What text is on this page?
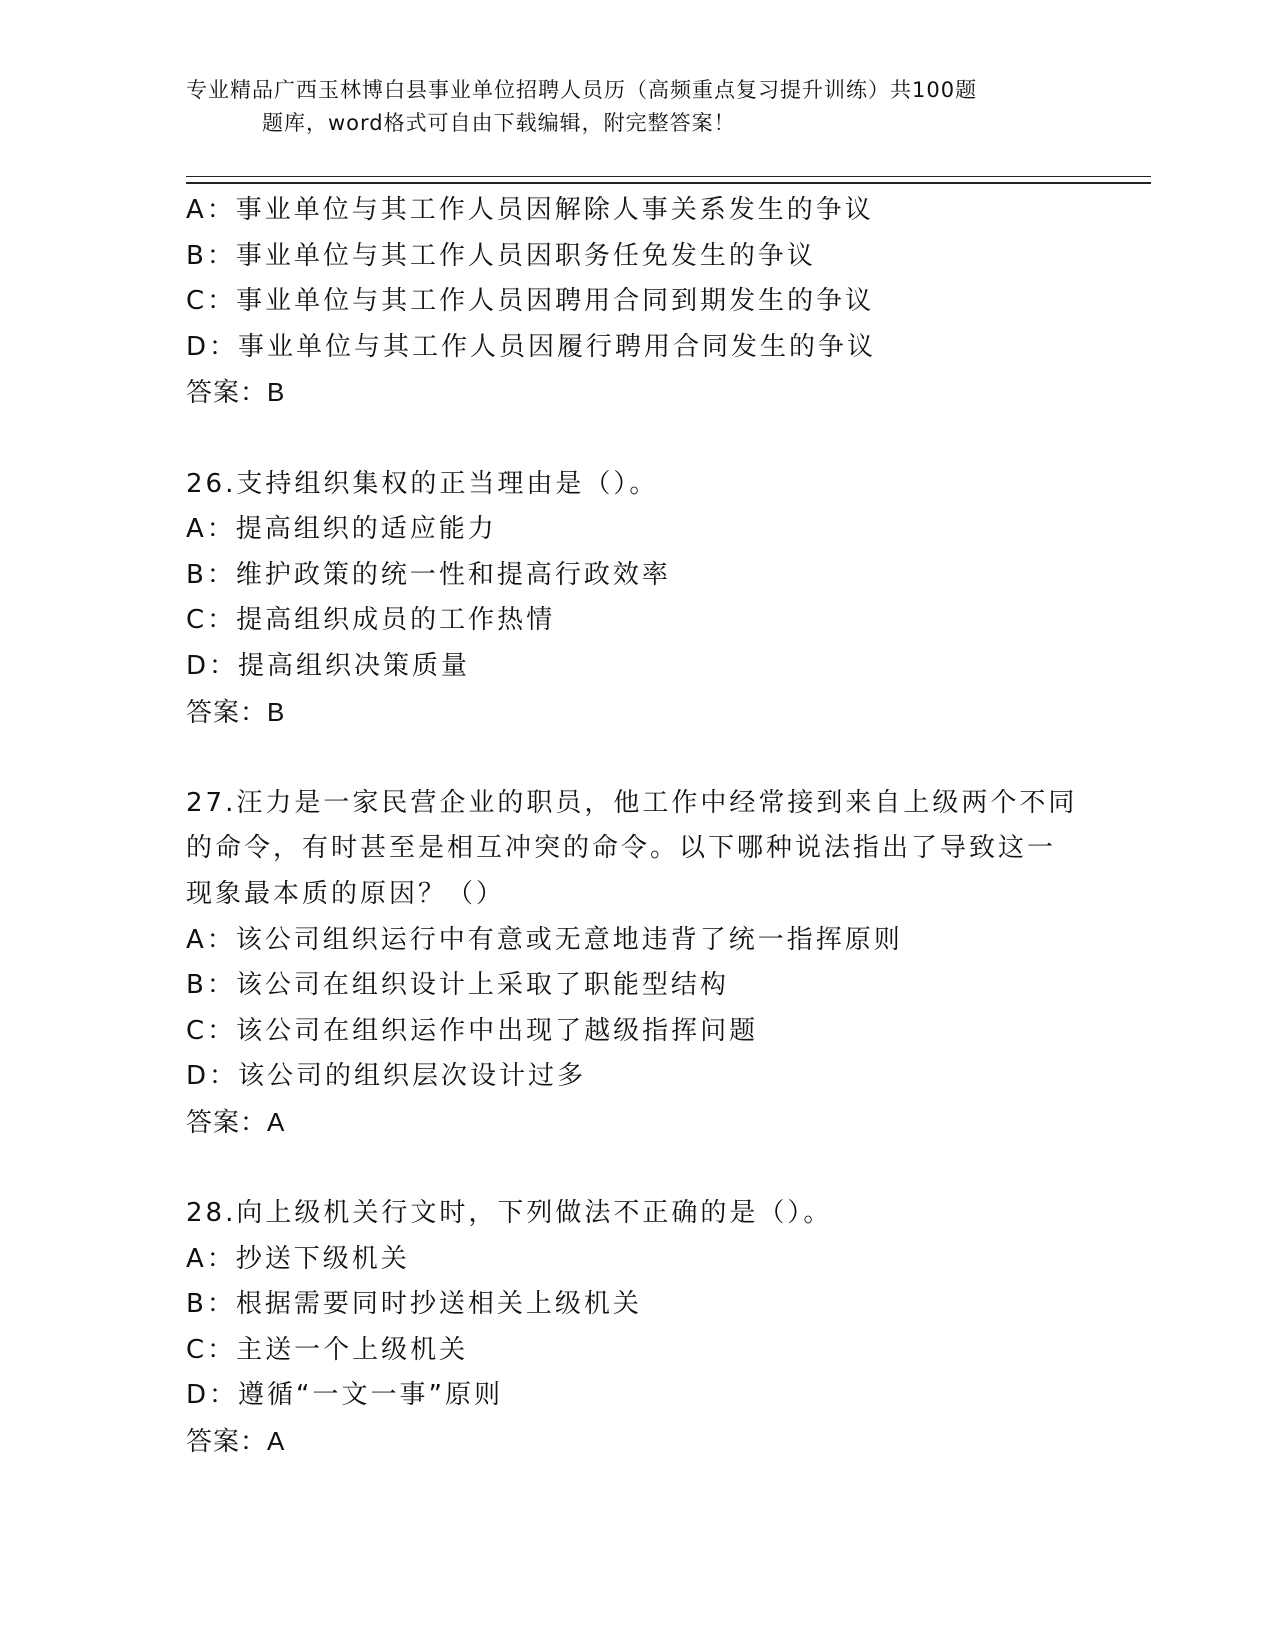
专业精品广西玉林博白县事业单位招聘人员历（高频重点复习提升训练）共100题
题库，word格式可自由下载编辑，附完整答案！
A：事业单位与其工作人员因解除人事关系发生的争议
B：事业单位与其工作人员因职务任免发生的争议
C：事业单位与其工作人员因聘用合同到期发生的争议
D：事业单位与其工作人员因履行聘用合同发生的争议
答案：B
26.支持组织集权的正当理由是（）。
A：提高组织的适应能力
B：维护政策的统一性和提高行政效率
C：提高组织成员的工作热情
D：提高组织决策质量
答案：B
27.汪力是一家民营企业的职员，他工作中经常接到来自上级两个不同
的命令，有时甚至是相互冲突的命令。以下哪种说法指出了导致这一
现象最本质的原因？（）
A：该公司组织运行中有意或无意地违背了统一指挥原则
B：该公司在组织设计上采取了职能型结构
C：该公司在组织运作中出现了越级指挥问题
D：该公司的组织层次设计过多
答案：A
28.向上级机关行文时，下列做法不正确的是（）。
A：抄送下级机关
B：根据需要同时抄送相关上级机关
C：主送一个上级机关
D：遵循“一文一事”原则
答案：A
